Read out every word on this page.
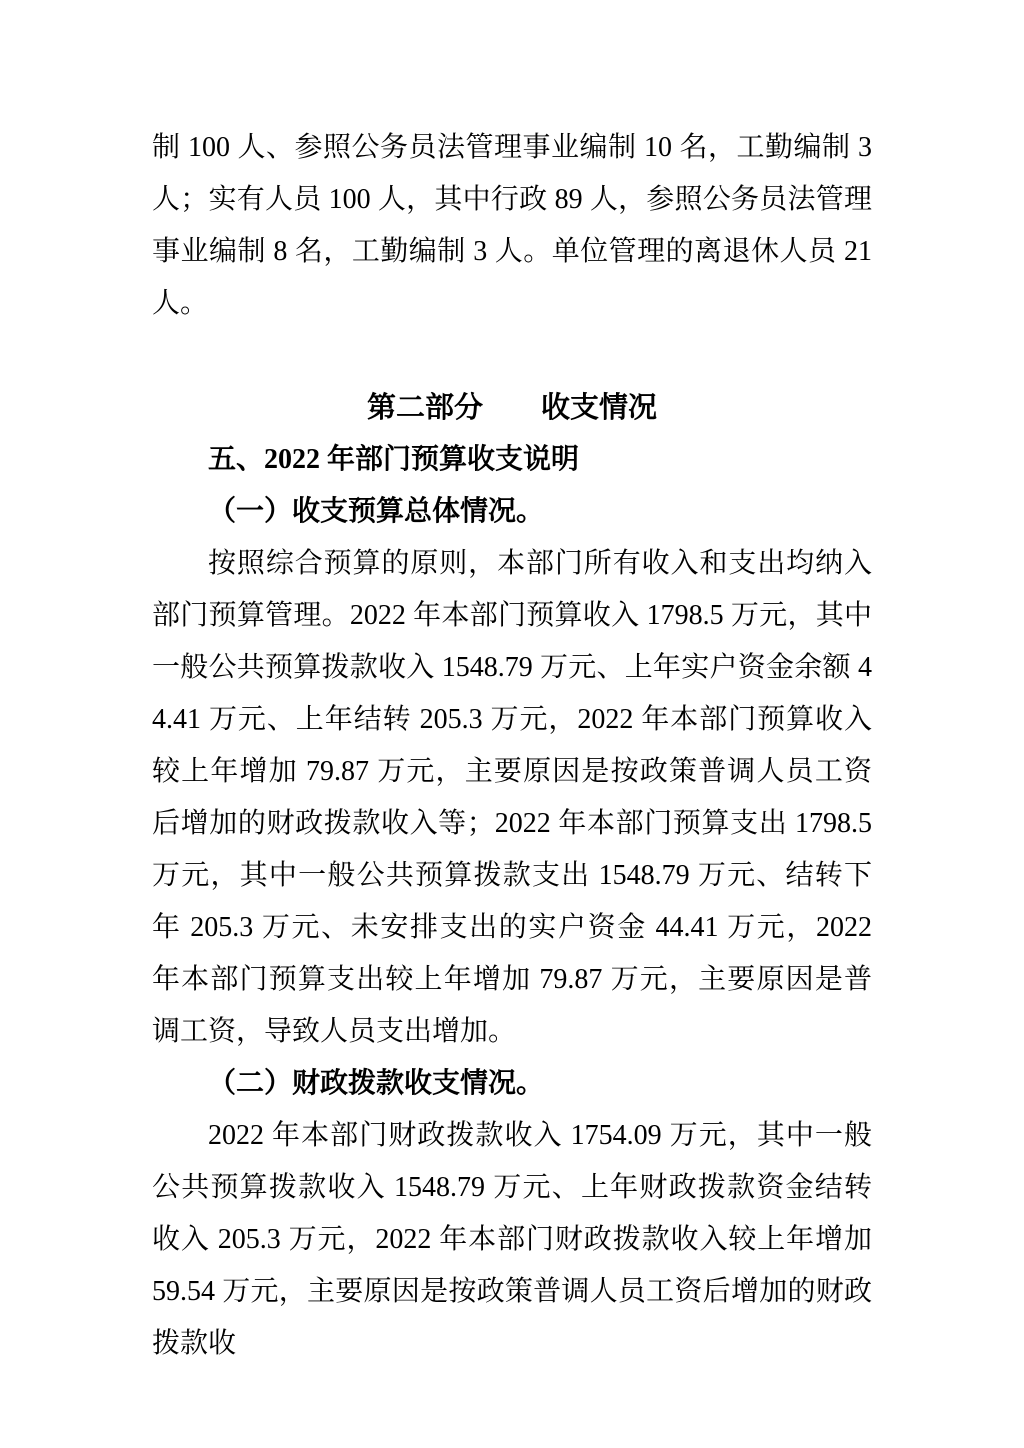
制 100 人、参照公务员法管理事业编制 10 名，工勤编制 3 人；实有人员 100 人，其中行政 89 人，参照公务员法管理事业编制 8 名，工勤编制 3 人。单位管理的离退休人员 21 人。

第二部分　　收支情况
五、2022 年部门预算收支说明
（一）收支预算总体情况。

按照综合预算的原则，本部门所有收入和支出均纳入部门预算管理。2022 年本部门预算收入 1798.5 万元，其中一般公共预算拨款收入 1548.79 万元、上年实户资金余额 44.41 万元、上年结转 205.3 万元，2022 年本部门预算收入较上年增加 79.87 万元，主要原因是按政策普调人员工资后增加的财政拨款收入等；2022 年本部门预算支出 1798.5 万元，其中一般公共预算拨款支出 1548.79 万元、结转下年 205.3 万元、未安排支出的实户资金 44.41 万元，2022 年本部门预算支出较上年增加 79.87 万元，主要原因是普调工资，导致人员支出增加。

（二）财政拨款收支情况。

2022 年本部门财政拨款收入 1754.09 万元，其中一般公共预算拨款收入 1548.79 万元、上年财政拨款资金结转收入 205.3 万元，2022 年本部门财政拨款收入较上年增加 59.54 万元，主要原因是按政策普调人员工资后增加的财政拨款收
